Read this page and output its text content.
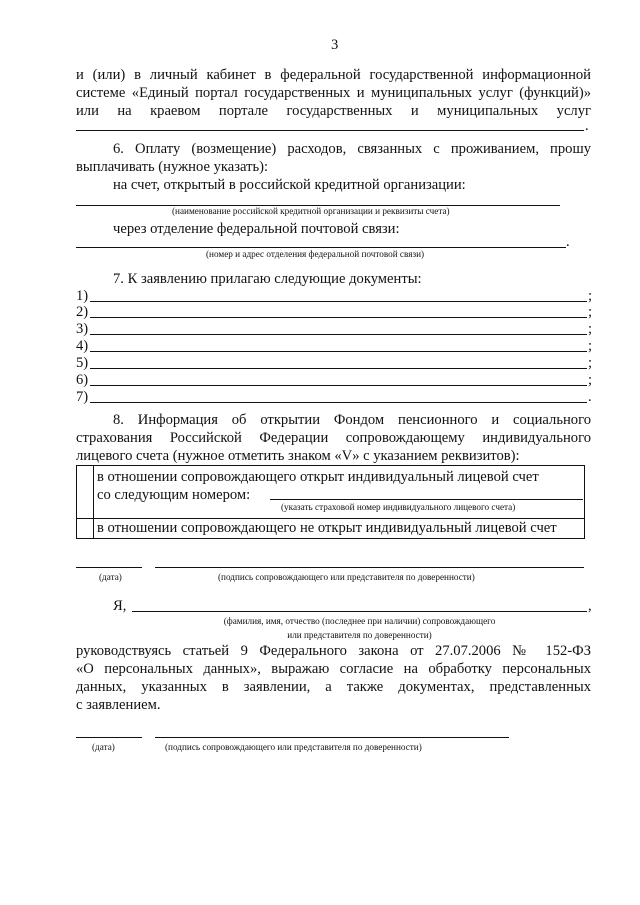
3
и (или) в личный кабинет в федеральной государственной информационной
системе «Единый портал государственных и муниципальных услуг (функций)»
или на краевом портале государственных и муниципальных услуг
.
6. Оплату (возмещение) расходов, связанных с проживанием, прошу
выплачивать (нужное указать):
на счет, открытый в российской кредитной организации:
(наименование российской кредитной организации и реквизиты счета)
через отделение федеральной почтовой связи:
.
(номер и адрес отделения федеральной почтовой связи)
7. К заявлению прилагаю следующие документы:
1)	;
2)	;
3)	;
4)	;
5)	;
6)	;
7)	.
8. Информация об открытии Фондом пенсионного и социального
страхования Российской Федерации сопровождающему индивидуального
лицевого счета (нужное отметить знаком «V» с указанием реквизитов):

	в отношении сопровождающего открыт индивидуальный лицевой счет
со следующим номером:
(указать страховой номер индивидуального лицевого счета)

	в отношении сопровождающего не открыт индивидуальный лицевой счет
(дата)	(подпись сопровождающего или представителя по доверенности)
Я,	,
(фамилия, имя, отчество (последнее при наличии) сопровождающего
или представителя по доверенности)
руководствуясь статьей 9 Федерального закона от 27.07.2006 № 152-ФЗ
«О персональных данных», выражаю согласие на обработку персональных
данных, указанных в заявлении, а также документах, представленных
с заявлением.
(дата)	(подпись сопровождающего или представителя по доверенности)
